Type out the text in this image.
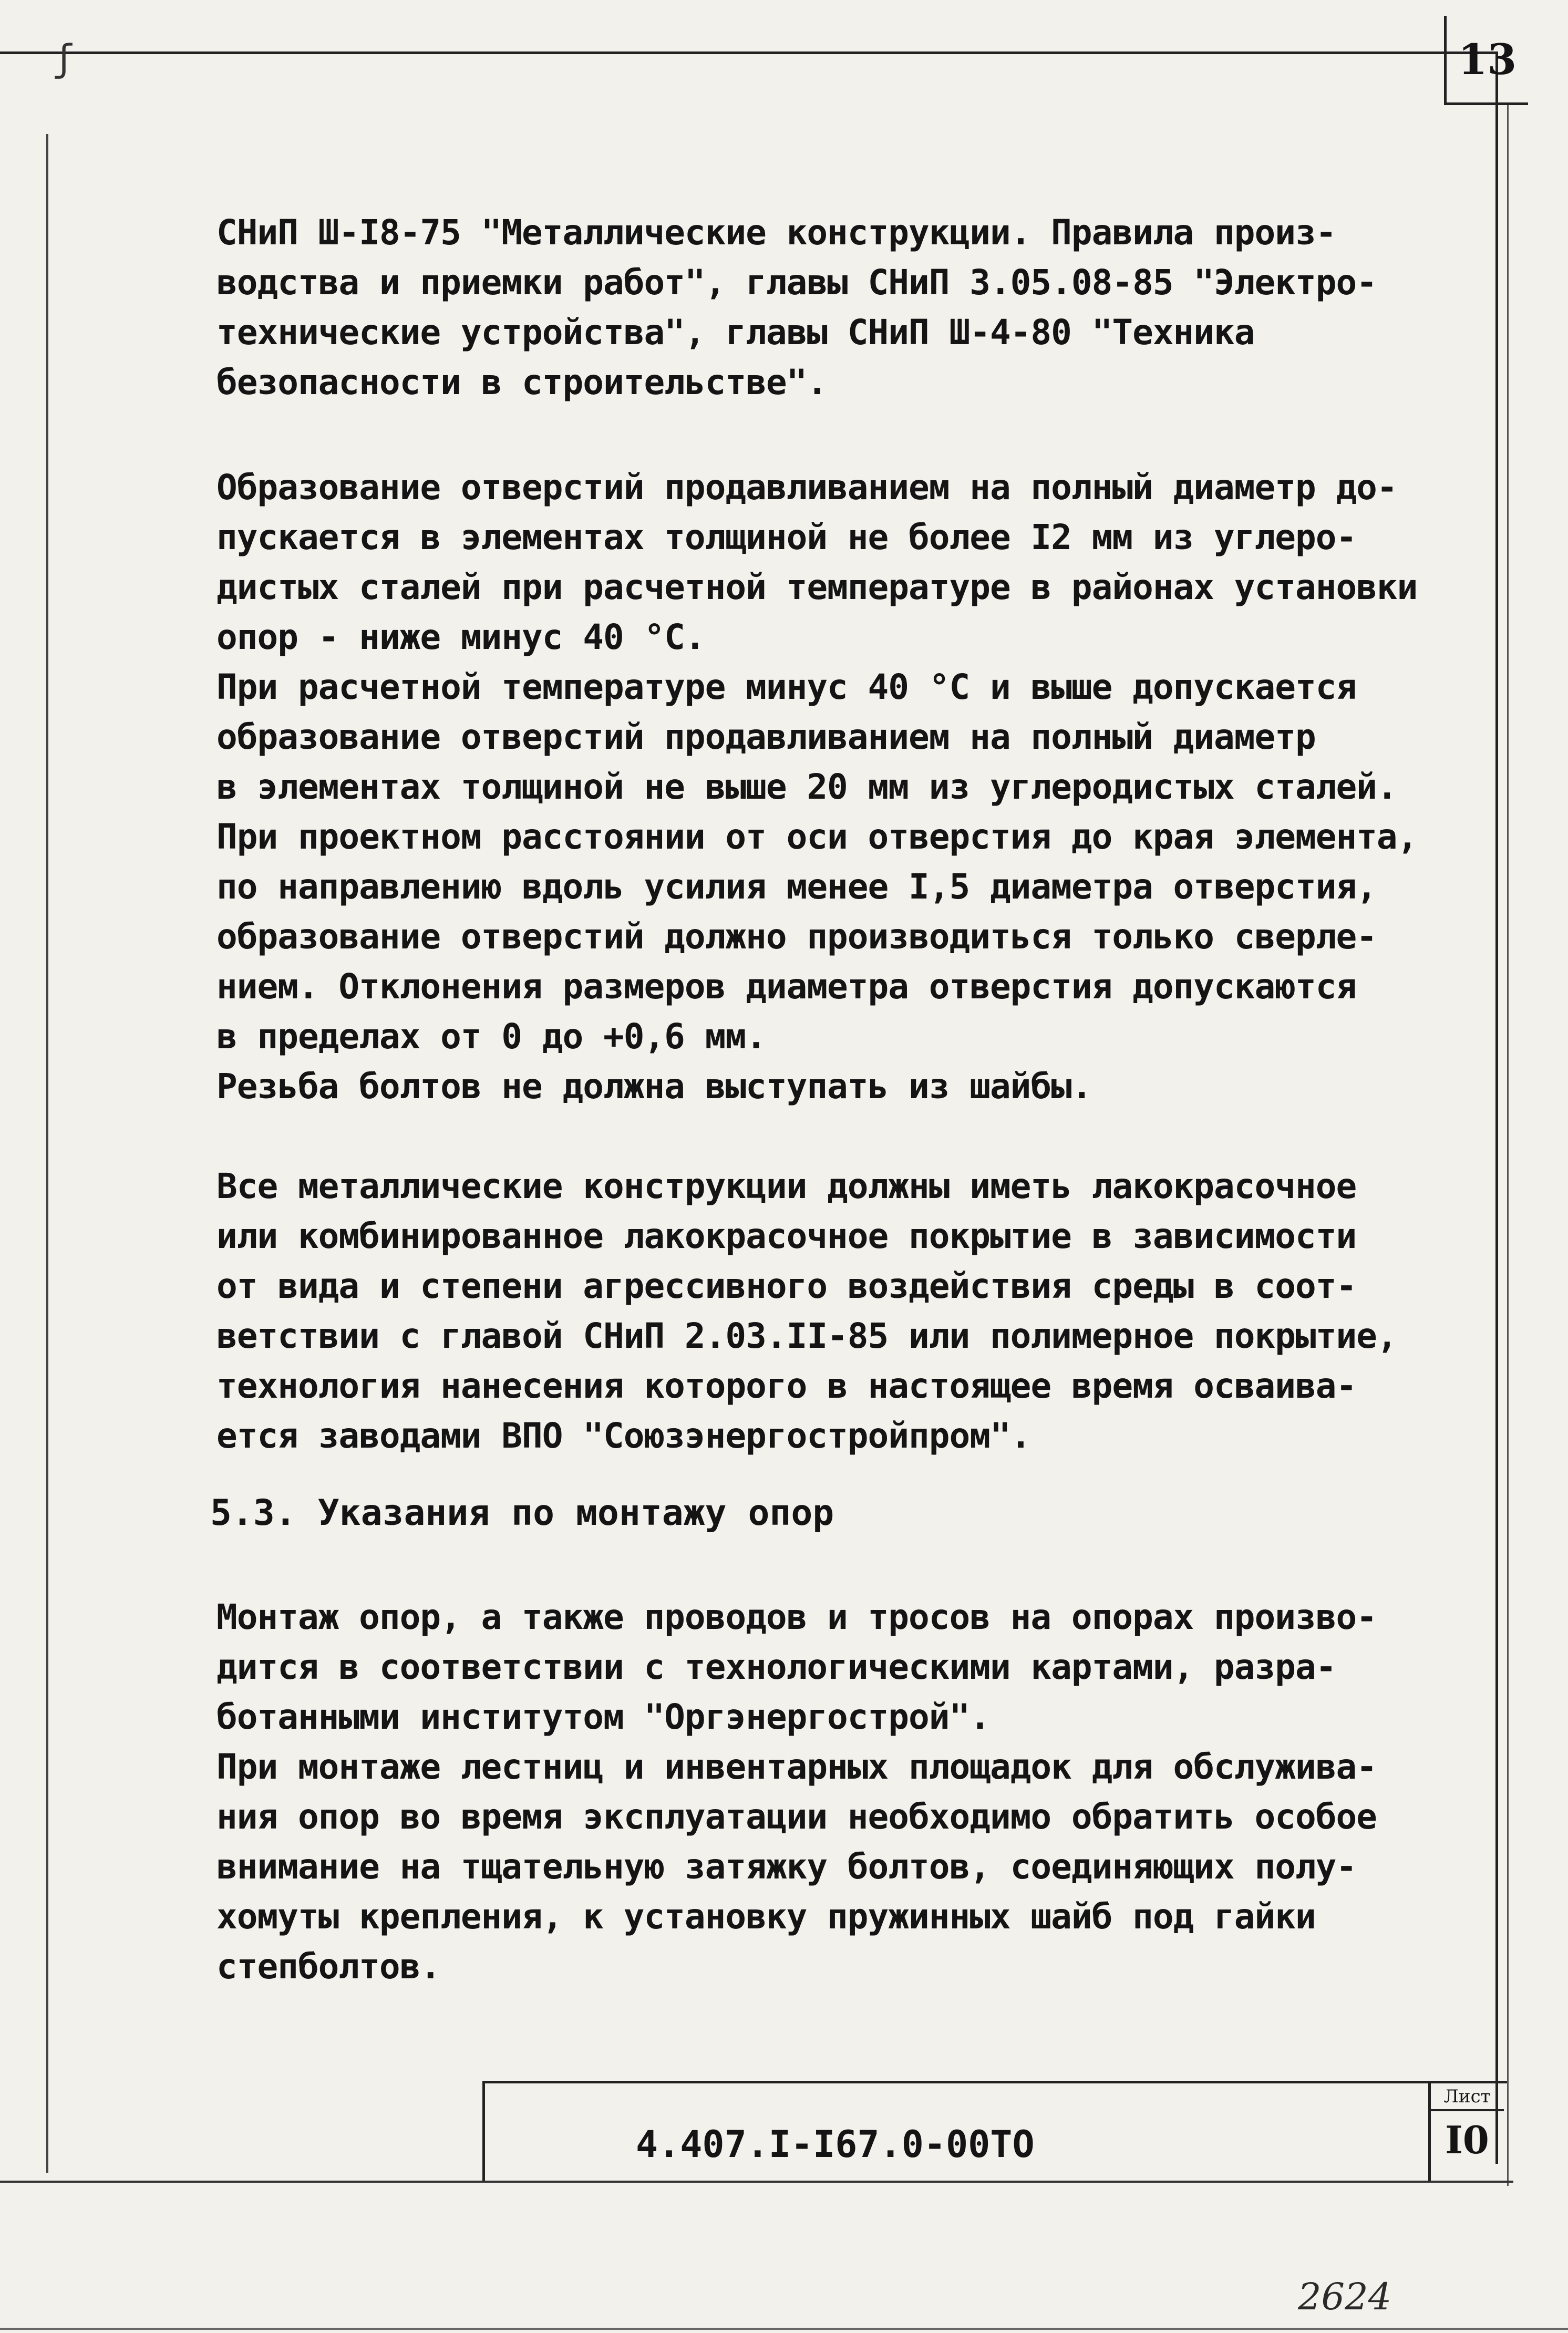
ʃ	13

СНиП Ш-I8-75 "Металлические конструкции. Правила произ-

водства и приемки работ", главы СНиП 3.05.08-85 "Электро-

технические устройства", главы СНиП Ш-4-80 "Техника

безопасности в строительстве".

Образование отверстий продавливанием на полный диаметр до-

пускается в элементах толщиной не более I2 мм из углеро-

дистых сталей при расчетной температуре в районах установки

опор - ниже минус 40 °С.

При расчетной температуре минус 40 °С и выше допускается

образование отверстий продавливанием на полный диаметр

в элементах толщиной не выше 20 мм из углеродистых сталей.

При проектном расстоянии от оси отверстия до края элемента,

по направлению вдоль усилия менее I,5 диаметра отверстия,

образование отверстий должно производиться только сверле-

нием. Отклонения размеров диаметра отверстия допускаются

в пределах от 0 до +0,6 мм.

Резьба болтов не должна выступать из шайбы.

Все металлические конструкции должны иметь лакокрасочное

или комбинированное лакокрасочное покрытие в зависимости

от вида и степени агрессивного воздействия среды в соот-

ветствии с главой СНиП 2.03.II-85 или полимерное покрытие,

технология нанесения которого в настоящее время осваива-

ется заводами ВПО "Союзэнергостройпром".

5.3. Указания по монтажу опор

Монтаж опор, а также проводов и тросов на опорах произво-

дится в соответствии с технологическими картами, разра-

ботанными институтом "Оргэнергострой".

При монтаже лестниц и инвентарных площадок для обслужива-

ния опор во время эксплуатации необходимо обратить особое

внимание на тщательную затяжку болтов, соединяющих полу-

хомуты крепления, к установку пружинных шайб под гайки

степболтов.

4.407.I-I67.0-00ТО
Лист
I0
2624
